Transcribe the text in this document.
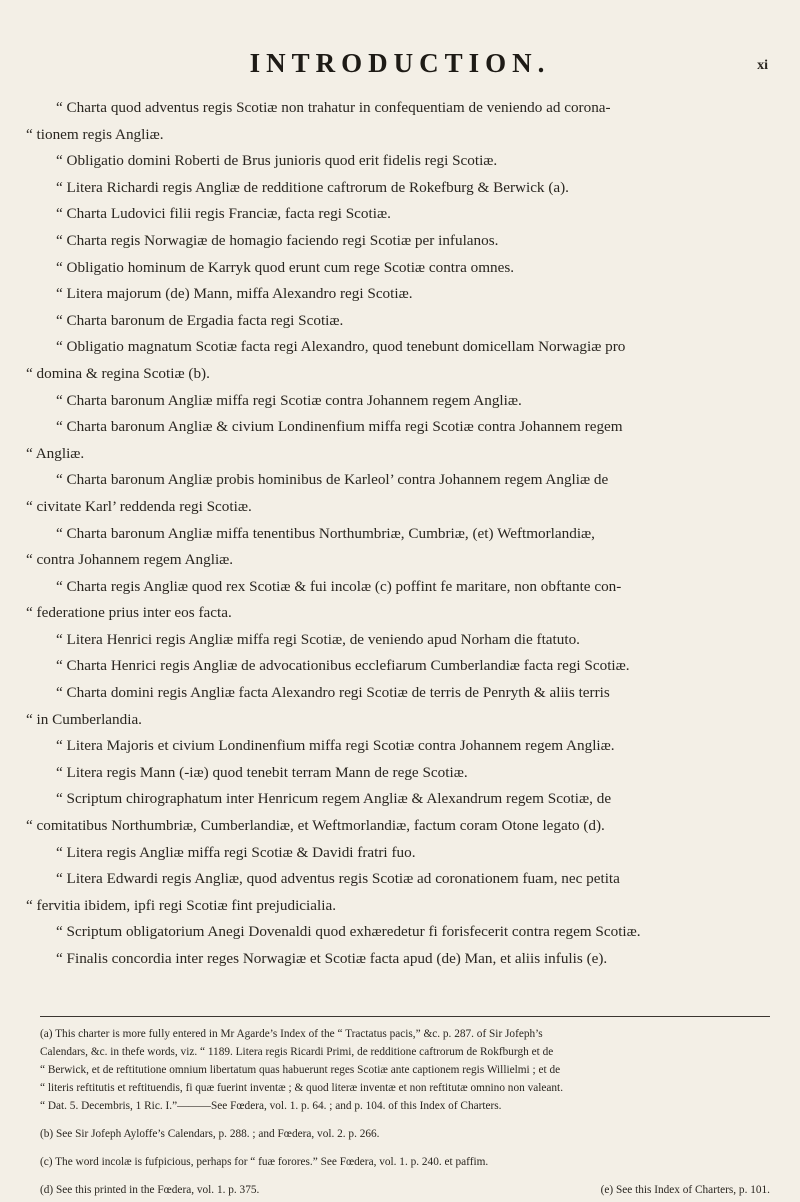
INTRODUCTION.	xi
“ Charta quod adventus regis Scotiæ non trahatur in confequentiam de veniendo ad corona-
“ tionem regis Angliæ.
“ Obligatio domini Roberti de Brus junioris quod erit fidelis regi Scotiæ.
“ Litera Richardi regis Angliæ de redditione caftrorum de Rokefburg & Berwick (a).
“ Charta Ludovici filii regis Franciæ, facta regi Scotiæ.
“ Charta regis Norwagiæ de homagio faciendo regi Scotiæ per infulanos.
“ Obligatio hominum de Karryk quod erunt cum rege Scotiæ contra omnes.
“ Litera majorum (de) Mann, miffa Alexandro regi Scotiæ.
“ Charta baronum de Ergadia facta regi Scotiæ.
“ Obligatio magnatum Scotiæ facta regi Alexandro, quod tenebunt domicellam Norwagiæ pro
“ domina & regina Scotiæ (b).
“ Charta baronum Angliæ miffa regi Scotiæ contra Johannem regem Angliæ.
“ Charta baronum Angliæ & civium Londinenfium miffa regi Scotiæ contra Johannem regem
“ Angliæ.
“ Charta baronum Angliæ probis hominibus de Karleol’ contra Johannem regem Angliæ de
“ civitate Karl’ reddenda regi Scotiæ.
“ Charta baronum Angliæ miffa tenentibus Northumbriæ, Cumbriæ, (et) Weftmorlandiæ,
“ contra Johannem regem Angliæ.
“ Charta regis Angliæ quod rex Scotiæ & fui incolæ (c) poffint fe maritare, non obftante con-
“ federatione prius inter eos facta.
“ Litera Henrici regis Angliæ miffa regi Scotiæ, de veniendo apud Norham die ftatuto.
“ Charta Henrici regis Angliæ de advocationibus ecclefiarum Cumberlandiæ facta regi Scotiæ.
“ Charta domini regis Angliæ facta Alexandro regi Scotiæ de terris de Penryth & aliis terris
“ in Cumberlandia.
“ Litera Majoris et civium Londinenfium miffa regi Scotiæ contra Johannem regem Angliæ.
“ Litera regis Mann (-iæ) quod tenebit terram Mann de rege Scotiæ.
“ Scriptum chirographatum inter Henricum regem Angliæ & Alexandrum regem Scotiæ, de
“ comitatibus Northumbriæ, Cumberlandiæ, et Weftmorlandiæ, factum coram Otone legato (d).
“ Litera regis Angliæ miffa regi Scotiæ & Davidi fratri fuo.
“ Litera Edwardi regis Angliæ, quod adventus regis Scotiæ ad coronationem fuam, nec petita
“ fervitia ibidem, ipfi regi Scotiæ fint prejudicialia.
“ Scriptum obligatorium Anegi Dovenaldi quod exhæredetur fi forisfecerit contra regem Scotiæ.
“ Finalis concordia inter reges Norwagiæ et Scotiæ facta apud (de) Man, et aliis infulis (e).
(a) This charter is more fully entered in Mr Agarde’s Index of the “ Tractatus pacis,” &c. p. 287. of Sir Jofeph’s
Calendars, &c. in thefe words, viz. “ 1189. Litera regis Ricardi Primi, de redditione caftrorum de Rokfburgh et de
“ Berwick, et de reftitutione omnium libertatum quas habuerunt reges Scotiæ ante captionem regis Willielmi ; et de
“ literis reftitutis et reftituendis, fi quæ fuerint inventæ ; & quod literæ inventæ et non reftitutæ omnino non valeant.
“ Dat. 5. Decembris, 1 Ric. I.”———See Fœdera, vol. 1. p. 64. ; and p. 104. of this Index of Charters.
(b) See Sir Jofeph Ayloffe’s Calendars, p. 288. ; and Fœdera, vol. 2. p. 266.
(c) The word incolæ is fufpicious, perhaps for “ fuæ forores.” See Fœdera, vol. 1. p. 240. et paffim.
(d) See this printed in the Fœdera, vol. 1. p. 375.	(e) See this Index of Charters, p. 101.
